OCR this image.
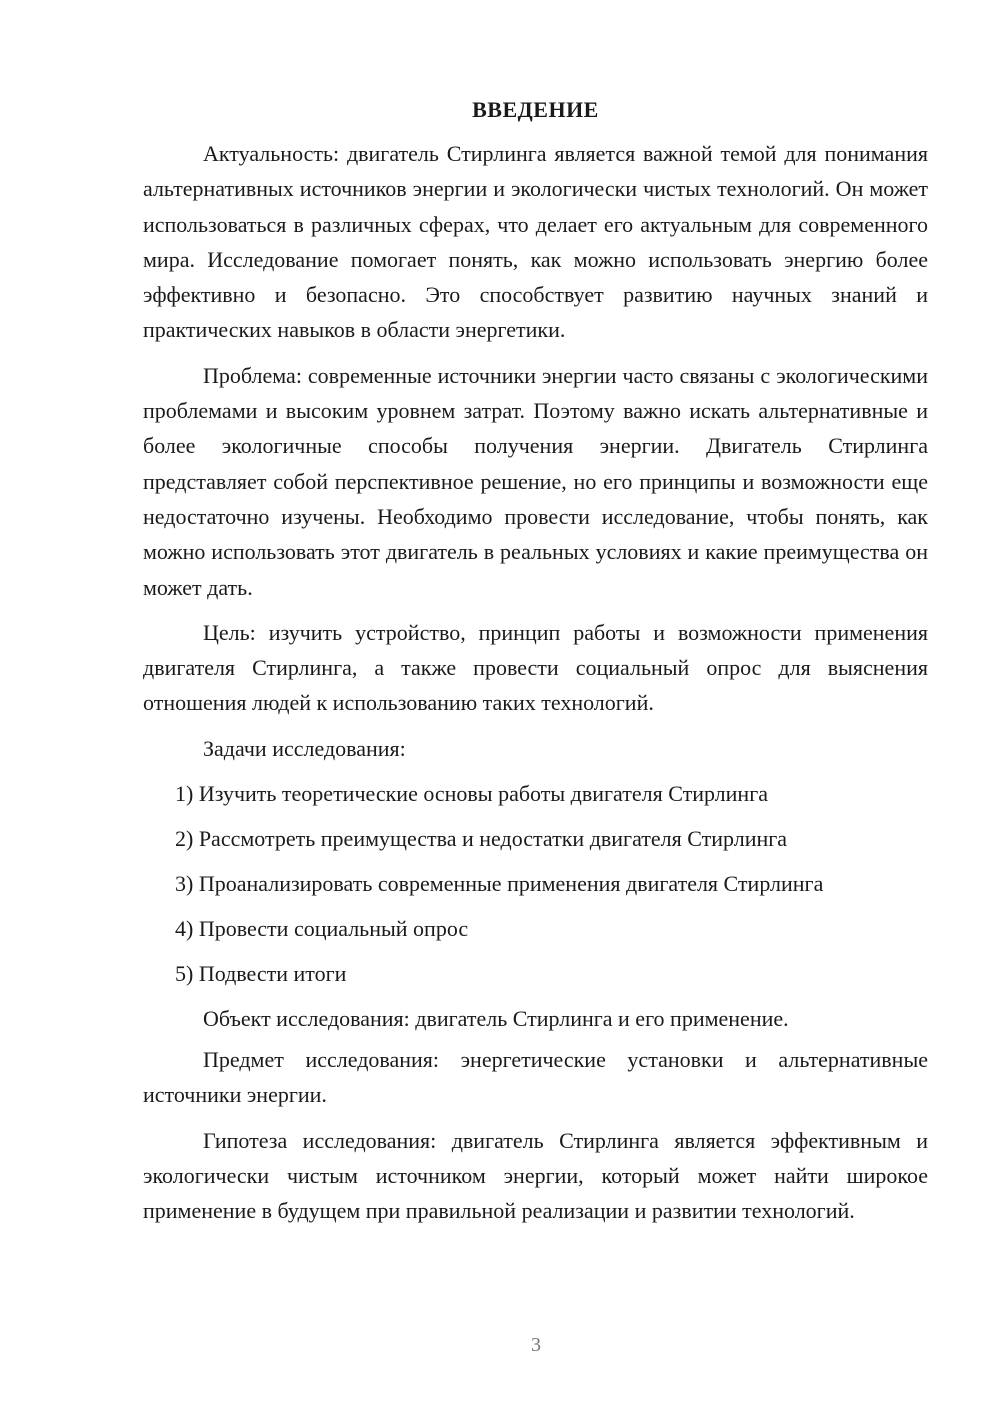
ВВЕДЕНИЕ

Актуальность: двигатель Стирлинга является важной темой для понимания альтернативных источников энергии и экологически чистых технологий. Он может использоваться в различных сферах, что делает его актуальным для современного мира. Исследование помогает понять, как можно использовать энергию более эффективно и безопасно. Это способствует развитию научных знаний и практических навыков в области энергетики.

Проблема: современные источники энергии часто связаны с экологическими проблемами и высоким уровнем затрат. Поэтому важно искать альтернативные и более экологичные способы получения энергии. Двигатель Стирлинга представляет собой перспективное решение, но его принципы и возможности еще недостаточно изучены. Необходимо провести исследование, чтобы понять, как можно использовать этот двигатель в реальных условиях и какие преимущества он может дать.

Цель: изучить устройство, принцип работы и возможности применения двигателя Стирлинга, а также провести социальный опрос для выяснения отношения людей к использованию таких технологий.

Задачи исследования:

1) Изучить теоретические основы работы двигателя Стирлинга
2) Рассмотреть преимущества и недостатки двигателя Стирлинга
3) Проанализировать современные применения двигателя Стирлинга
4) Провести социальный опрос
5) Подвести итоги

Объект исследования: двигатель Стирлинга и его применение.

Предмет исследования: энергетические установки и альтернативные источники энергии.

Гипотеза исследования: двигатель Стирлинга является эффективным и экологически чистым источником энергии, который может найти широкое применение в будущем при правильной реализации и развитии технологий.

3
